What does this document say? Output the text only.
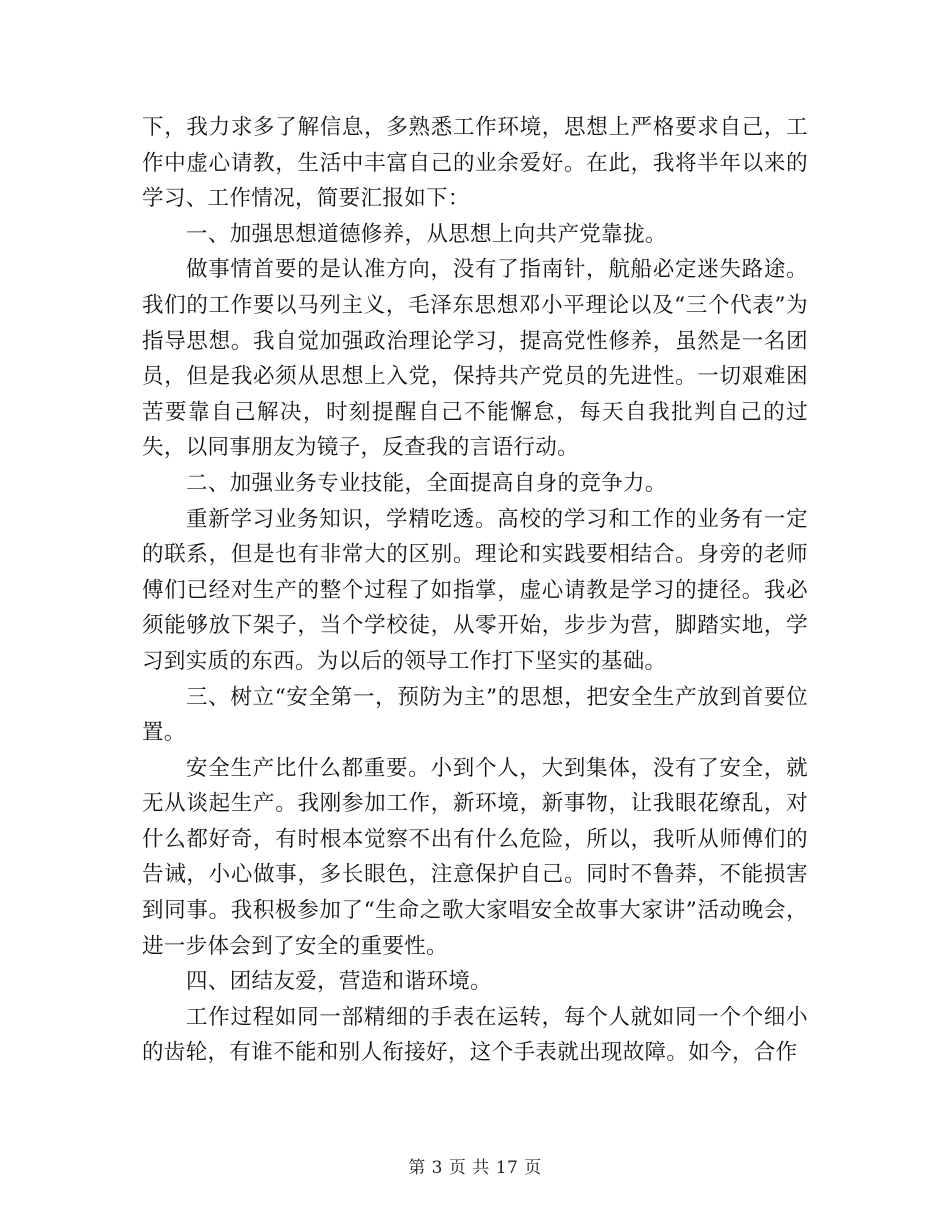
下，我力求多了解信息，多熟悉工作环境，思想上严格要求自己，工作中虚心请教，生活中丰富自己的业余爱好。在此，我将半年以来的学习、工作情况，简要汇报如下：

一、加强思想道德修养，从思想上向共产党靠拢。

做事情首要的是认准方向，没有了指南针，航船必定迷失路途。我们的工作要以马列主义，毛泽东思想邓小平理论以及“三个代表”为指导思想。我自觉加强政治理论学习，提高党性修养，虽然是一名团员，但是我必须从思想上入党，保持共产党员的先进性。一切艰难困苦要靠自己解决，时刻提醒自己不能懈怠，每天自我批判自己的过失，以同事朋友为镜子，反查我的言语行动。

二、加强业务专业技能，全面提高自身的竞争力。

重新学习业务知识，学精吃透。高校的学习和工作的业务有一定的联系，但是也有非常大的区别。理论和实践要相结合。身旁的老师傅们已经对生产的整个过程了如指掌，虚心请教是学习的捷径。我必须能够放下架子，当个学校徒，从零开始，步步为营，脚踏实地，学习到实质的东西。为以后的领导工作打下坚实的基础。

三、树立“安全第一，预防为主”的思想，把安全生产放到首要位置。

安全生产比什么都重要。小到个人，大到集体，没有了安全，就无从谈起生产。我刚参加工作，新环境，新事物，让我眼花缭乱，对什么都好奇，有时根本觉察不出有什么危险，所以，我听从师傅们的告诫，小心做事，多长眼色，注意保护自己。同时不鲁莽，不能损害到同事。我积极参加了“生命之歌大家唱安全故事大家讲”活动晚会，进一步体会到了安全的重要性。

四、团结友爱，营造和谐环境。

工作过程如同一部精细的手表在运转，每个人就如同一个个细小的齿轮，有谁不能和别人衔接好，这个手表就出现故障。如今，合作

第 3 页 共 17 页
